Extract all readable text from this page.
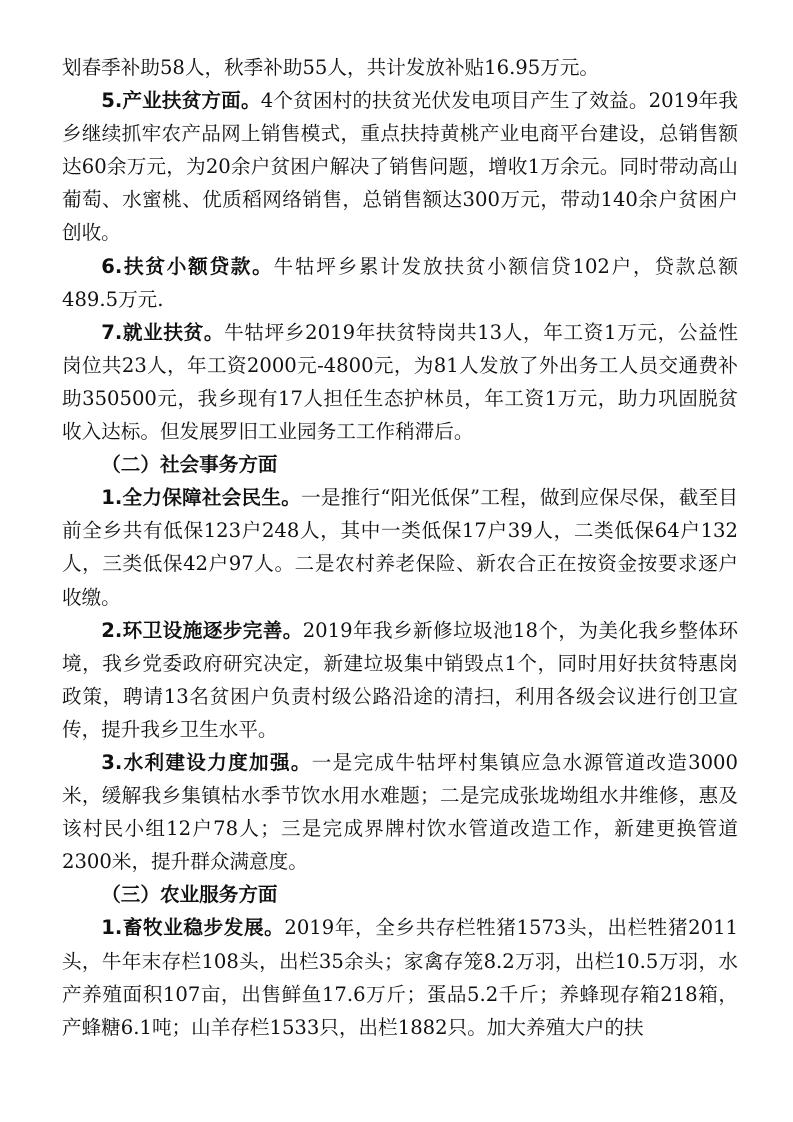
划春季补助58人，秋季补助55人，共计发放补贴16.95万元。

5.产业扶贫方面。4个贫困村的扶贫光伏发电项目产生了效益。2019年我乡继续抓牢农产品网上销售模式，重点扶持黄桃产业电商平台建设，总销售额达60余万元，为20余户贫困户解决了销售问题，增收1万余元。同时带动高山葡萄、水蜜桃、优质稻网络销售，总销售额达300万元，带动140余户贫困户创收。

6.扶贫小额贷款。牛牯坪乡累计发放扶贫小额信贷102户，贷款总额489.5万元.

7.就业扶贫。牛牯坪乡2019年扶贫特岗共13人，年工资1万元，公益性岗位共23人，年工资2000元-4800元，为81人发放了外出务工人员交通费补助350500元，我乡现有17人担任生态护林员，年工资1万元，助力巩固脱贫收入达标。但发展罗旧工业园务工工作稍滞后。

（二）社会事务方面

1.全力保障社会民生。一是推行“阳光低保”工程，做到应保尽保，截至目前全乡共有低保123户248人，其中一类低保17户39人，二类低保64户132人，三类低保42户97人。二是农村养老保险、新农合正在按资金按要求逐户收缴。

2.环卫设施逐步完善。2019年我乡新修垃圾池18个，为美化我乡整体环境，我乡党委政府研究决定，新建垃圾集中销毁点1个，同时用好扶贫特惠岗政策，聘请13名贫困户负责村级公路沿途的清扫，利用各级会议进行创卫宣传，提升我乡卫生水平。

3.水利建设力度加强。一是完成牛牯坪村集镇应急水源管道改造3000米，缓解我乡集镇枯水季节饮水用水难题；二是完成张垅坳组水井维修，惠及该村民小组12户78人；三是完成界牌村饮水管道改造工作，新建更换管道2300米，提升群众满意度。

（三）农业服务方面

1.畜牧业稳步发展。2019年，全乡共存栏牲猪1573头，出栏牲猪2011头，牛年末存栏108头，出栏35余头；家禽存笼8.2万羽，出栏10.5万羽，水产养殖面积107亩，出售鲜鱼17.6万斤；蛋品5.2千斤；养蜂现存箱218箱，产蜂糖6.1吨；山羊存栏1533只，出栏1882只。加大养殖大户的扶
